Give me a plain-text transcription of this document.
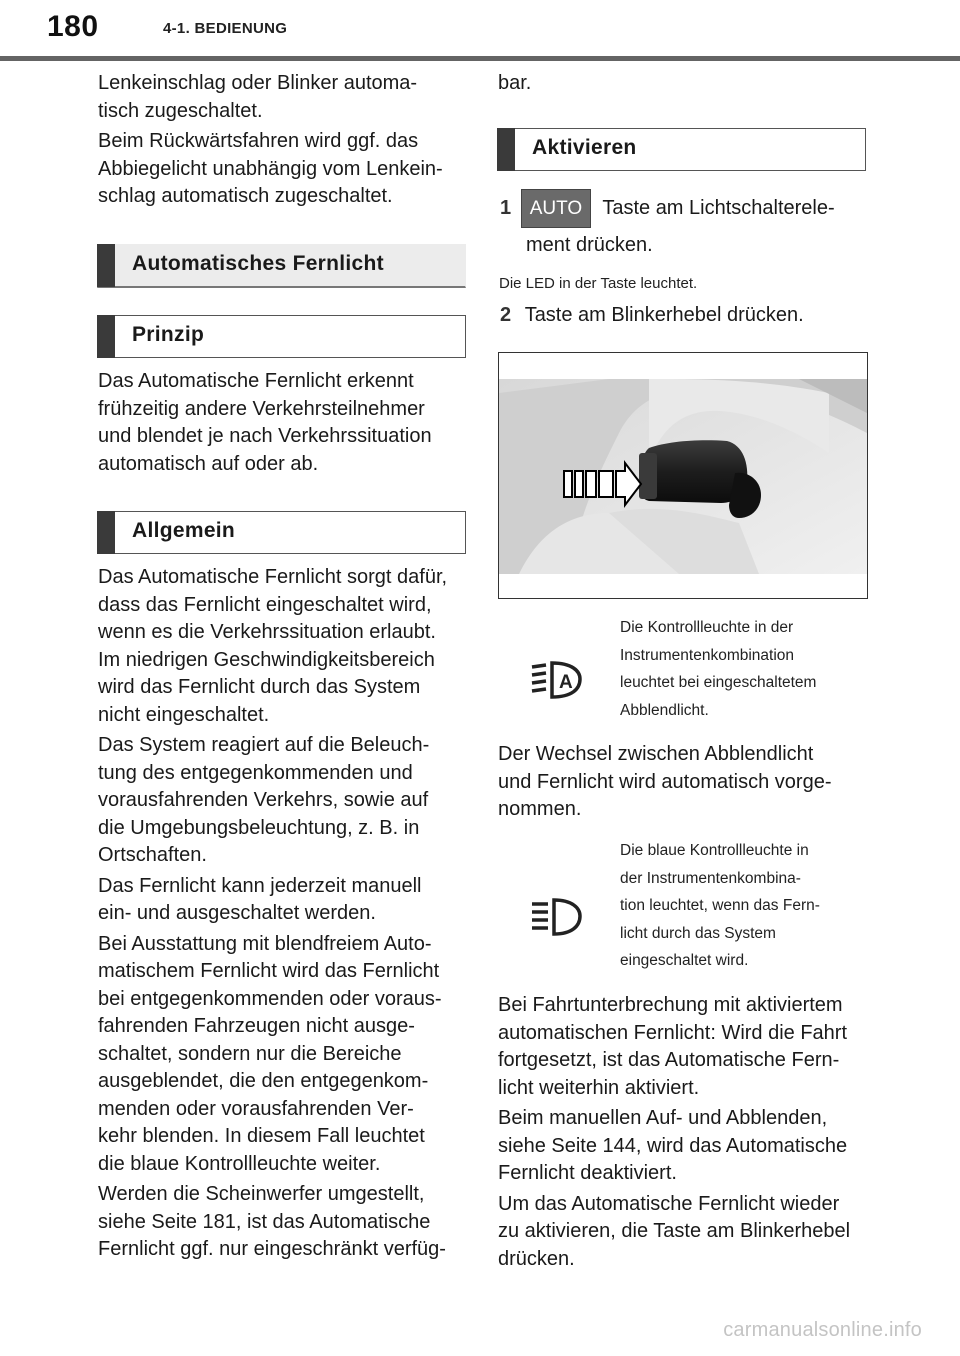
180	4-1. BEDIENUNG

Lenkeinschlag oder Blinker automa-

tisch zugeschaltet.

Beim Rückwärtsfahren wird ggf. das

Abbiegelicht unabhängig vom Lenkein-

schlag automatisch zugeschaltet.

Automatisches Fernlicht
Prinzip

Das Automatische Fernlicht erkennt

frühzeitig andere Verkehrsteilnehmer

und blendet je nach Verkehrssituation

automatisch auf oder ab.

Allgemein

Das Automatische Fernlicht sorgt dafür,

dass das Fernlicht eingeschaltet wird,

wenn es die Verkehrssituation erlaubt.

Im niedrigen Geschwindigkeitsbereich

wird das Fernlicht durch das System

nicht eingeschaltet.

Das System reagiert auf die Beleuch-

tung des entgegenkommenden und

vorausfahrenden Verkehrs, sowie auf

die Umgebungsbeleuchtung, z. B. in

Ortschaften.

Das Fernlicht kann jederzeit manuell

ein- und ausgeschaltet werden.

Bei Ausstattung mit blendfreiem Auto-

matischem Fernlicht wird das Fernlicht

bei entgegenkommenden oder voraus-

fahrenden Fahrzeugen nicht ausge-

schaltet, sondern nur die Bereiche

ausgeblendet, die den entgegenkom-

menden oder vorausfahrenden Ver-

kehr blenden. In diesem Fall leuchtet

die blaue Kontrollleuchte weiter.

Werden die Scheinwerfer umgestellt,

siehe Seite 181, ist das Automatische

Fernlicht ggf. nur eingeschränkt verfüg-

bar.
Aktivieren
1 AUTO Taste am Lichtschalterele-
ment drücken.
Die LED in der Taste leuchtet.
2 Taste am Blinkerhebel drücken.
A
Die Kontrollleuchte in der
Instrumentenkombination
leuchtet bei eingeschaltetem
Abblendlicht.

Der Wechsel zwischen Abblendlicht

und Fernlicht wird automatisch vorge-

nommen.

Die blaue Kontrollleuchte in
der Instrumentenkombina-
tion leuchtet, wenn das Fern-
licht durch das System
eingeschaltet wird.

Bei Fahrtunterbrechung mit aktiviertem

automatischen Fernlicht: Wird die Fahrt

fortgesetzt, ist das Automatische Fern-

licht weiterhin aktiviert.

Beim manuellen Auf- und Abblenden,

siehe Seite 144, wird das Automatische

Fernlicht deaktiviert.

Um das Automatische Fernlicht wieder

zu aktivieren, die Taste am Blinkerhebel

drücken.

carmanualsonline.info
